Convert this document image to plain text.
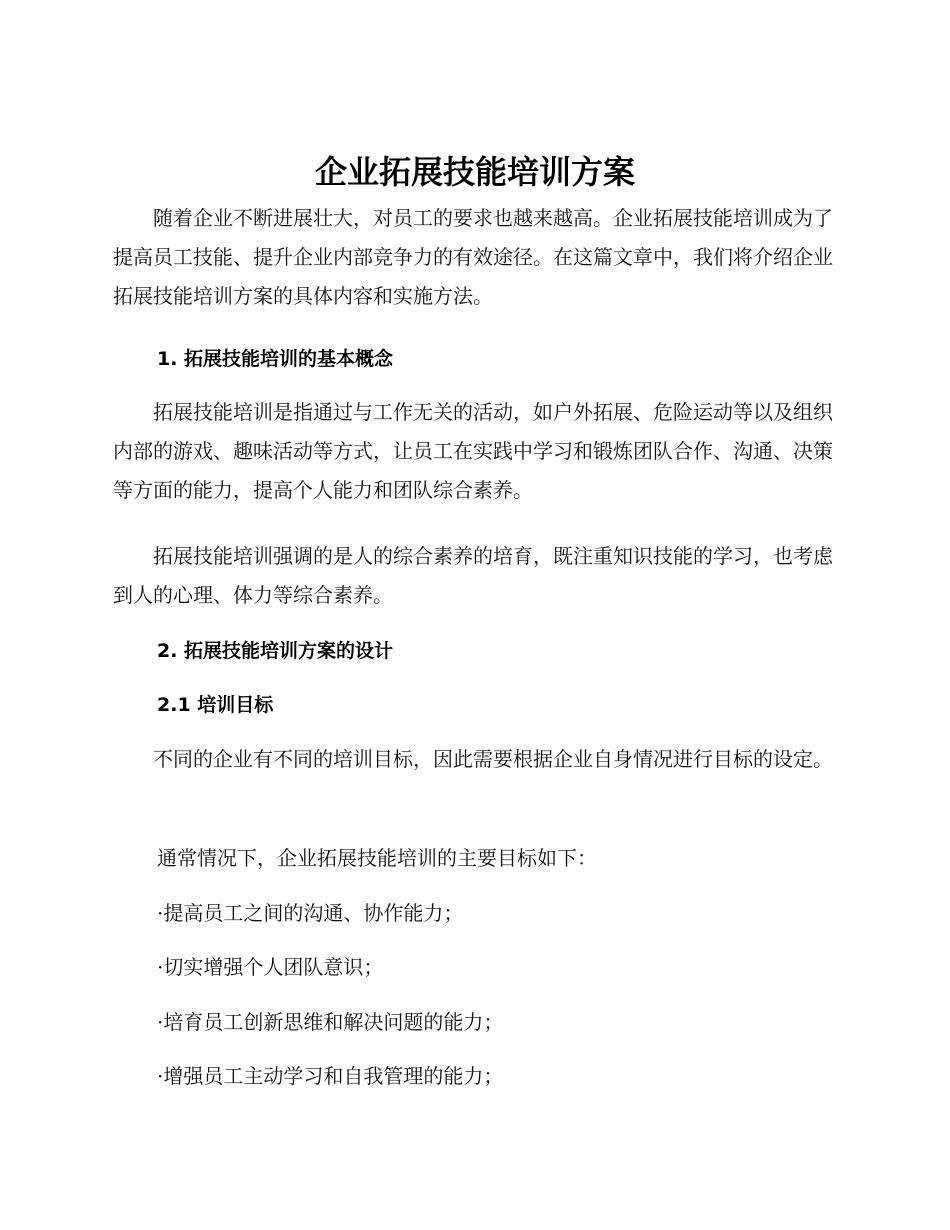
企业拓展技能培训方案

随着企业不断进展壮大，对员工的要求也越来越高。企业拓展技能培训成为了提高员工技能、提升企业内部竞争力的有效途径。在这篇文章中，我们将介绍企业拓展技能培训方案的具体内容和实施方法。

1. 拓展技能培训的基本概念

拓展技能培训是指通过与工作无关的活动，如户外拓展、危险运动等以及组织内部的游戏、趣味活动等方式，让员工在实践中学习和锻炼团队合作、沟通、决策等方面的能力，提高个人能力和团队综合素养。

拓展技能培训强调的是人的综合素养的培育，既注重知识技能的学习，也考虑到人的心理、体力等综合素养。

2. 拓展技能培训方案的设计
2.1 培训目标

不同的企业有不同的培训目标，因此需要根据企业自身情况进行目标的设定。

通常情况下，企业拓展技能培训的主要目标如下：

·提高员工之间的沟通、协作能力；

·切实增强个人团队意识；

·培育员工创新思维和解决问题的能力；

·增强员工主动学习和自我管理的能力；
